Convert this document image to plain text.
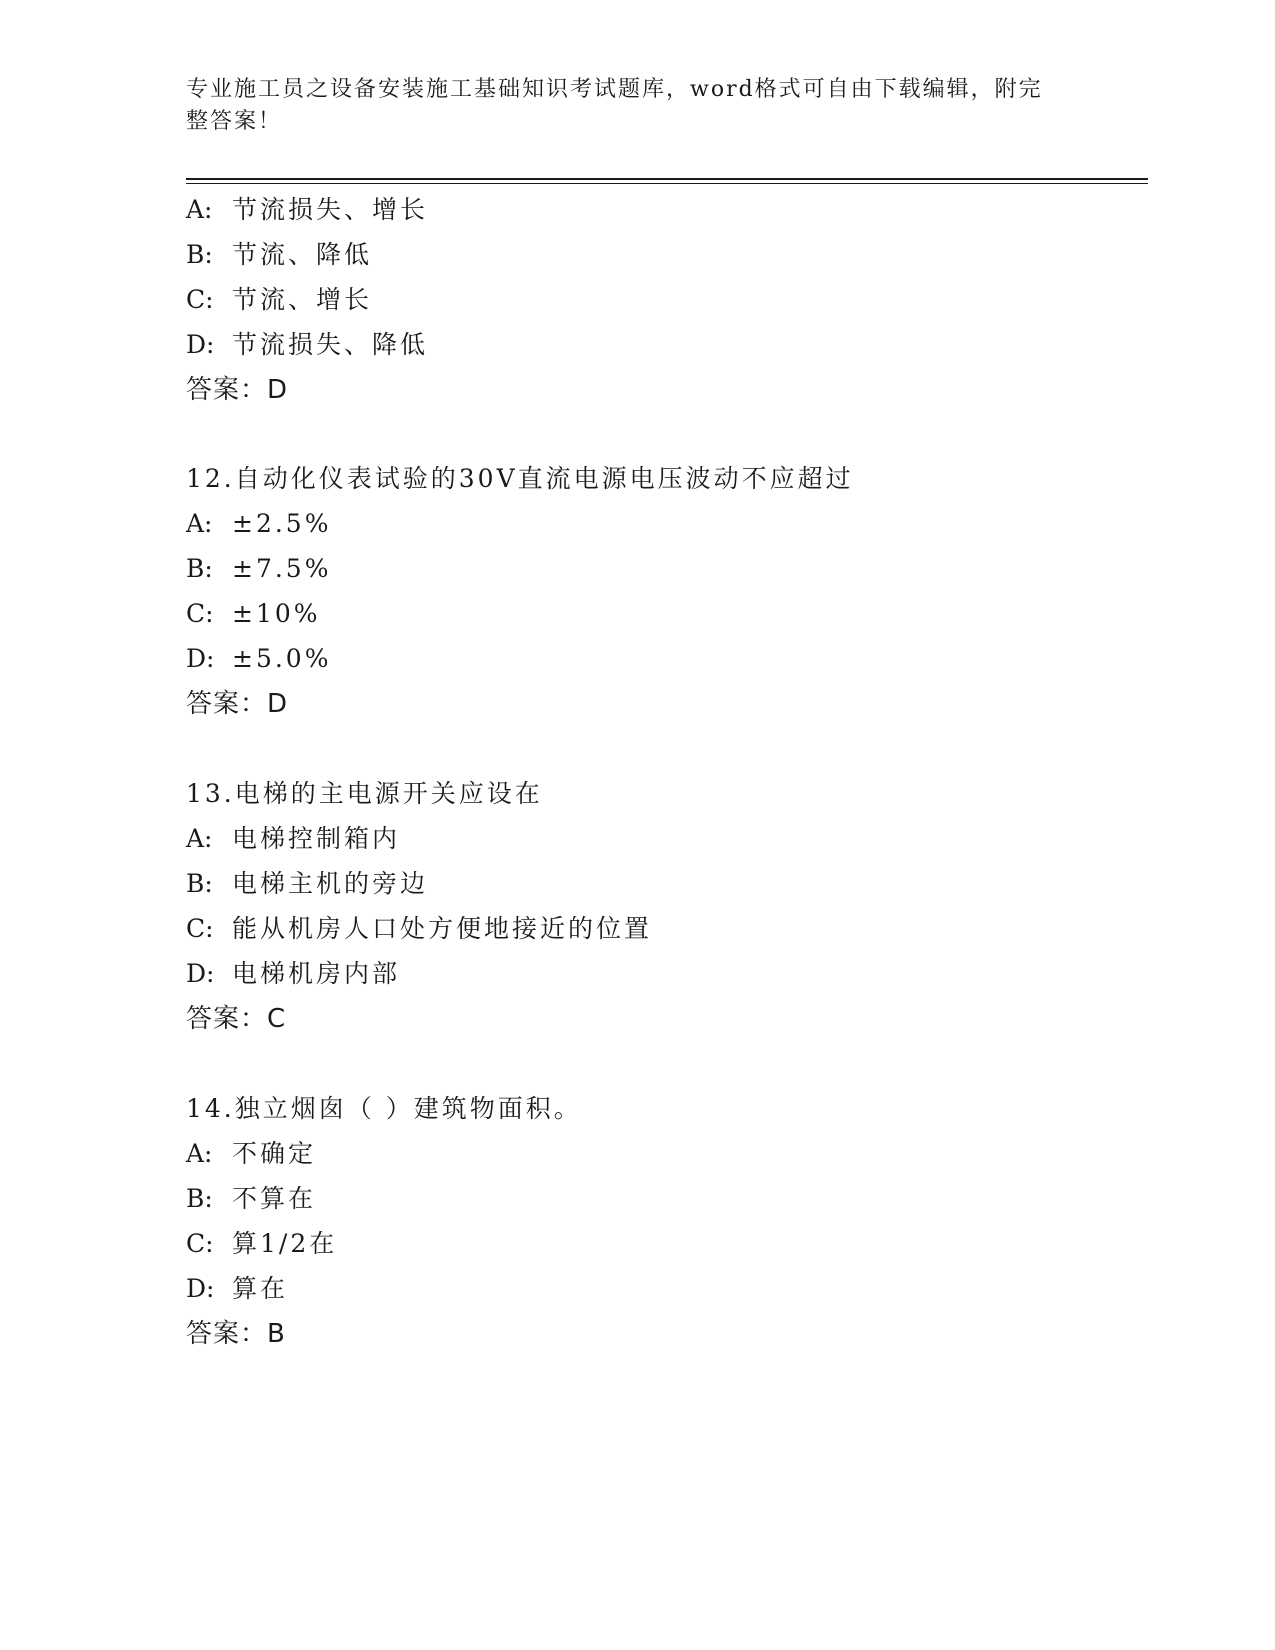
专业施工员之设备安装施工基础知识考试题库，word格式可自由下载编辑，附完
整答案！
A: 节流损失、增长
B: 节流、降低
C: 节流、增长
D: 节流损失、降低
答案：D
12.自动化仪表试验的30V直流电源电压波动不应超过
A: ±2.5%
B: ±7.5%
C: ±10%
D: ±5.0%
答案：D
13.电梯的主电源开关应设在
A: 电梯控制箱内
B: 电梯主机的旁边
C: 能从机房人口处方便地接近的位置
D: 电梯机房内部
答案：C
14.独立烟囱（ ）建筑物面积。
A: 不确定
B: 不算在
C: 算1/2在
D: 算在
答案：B
